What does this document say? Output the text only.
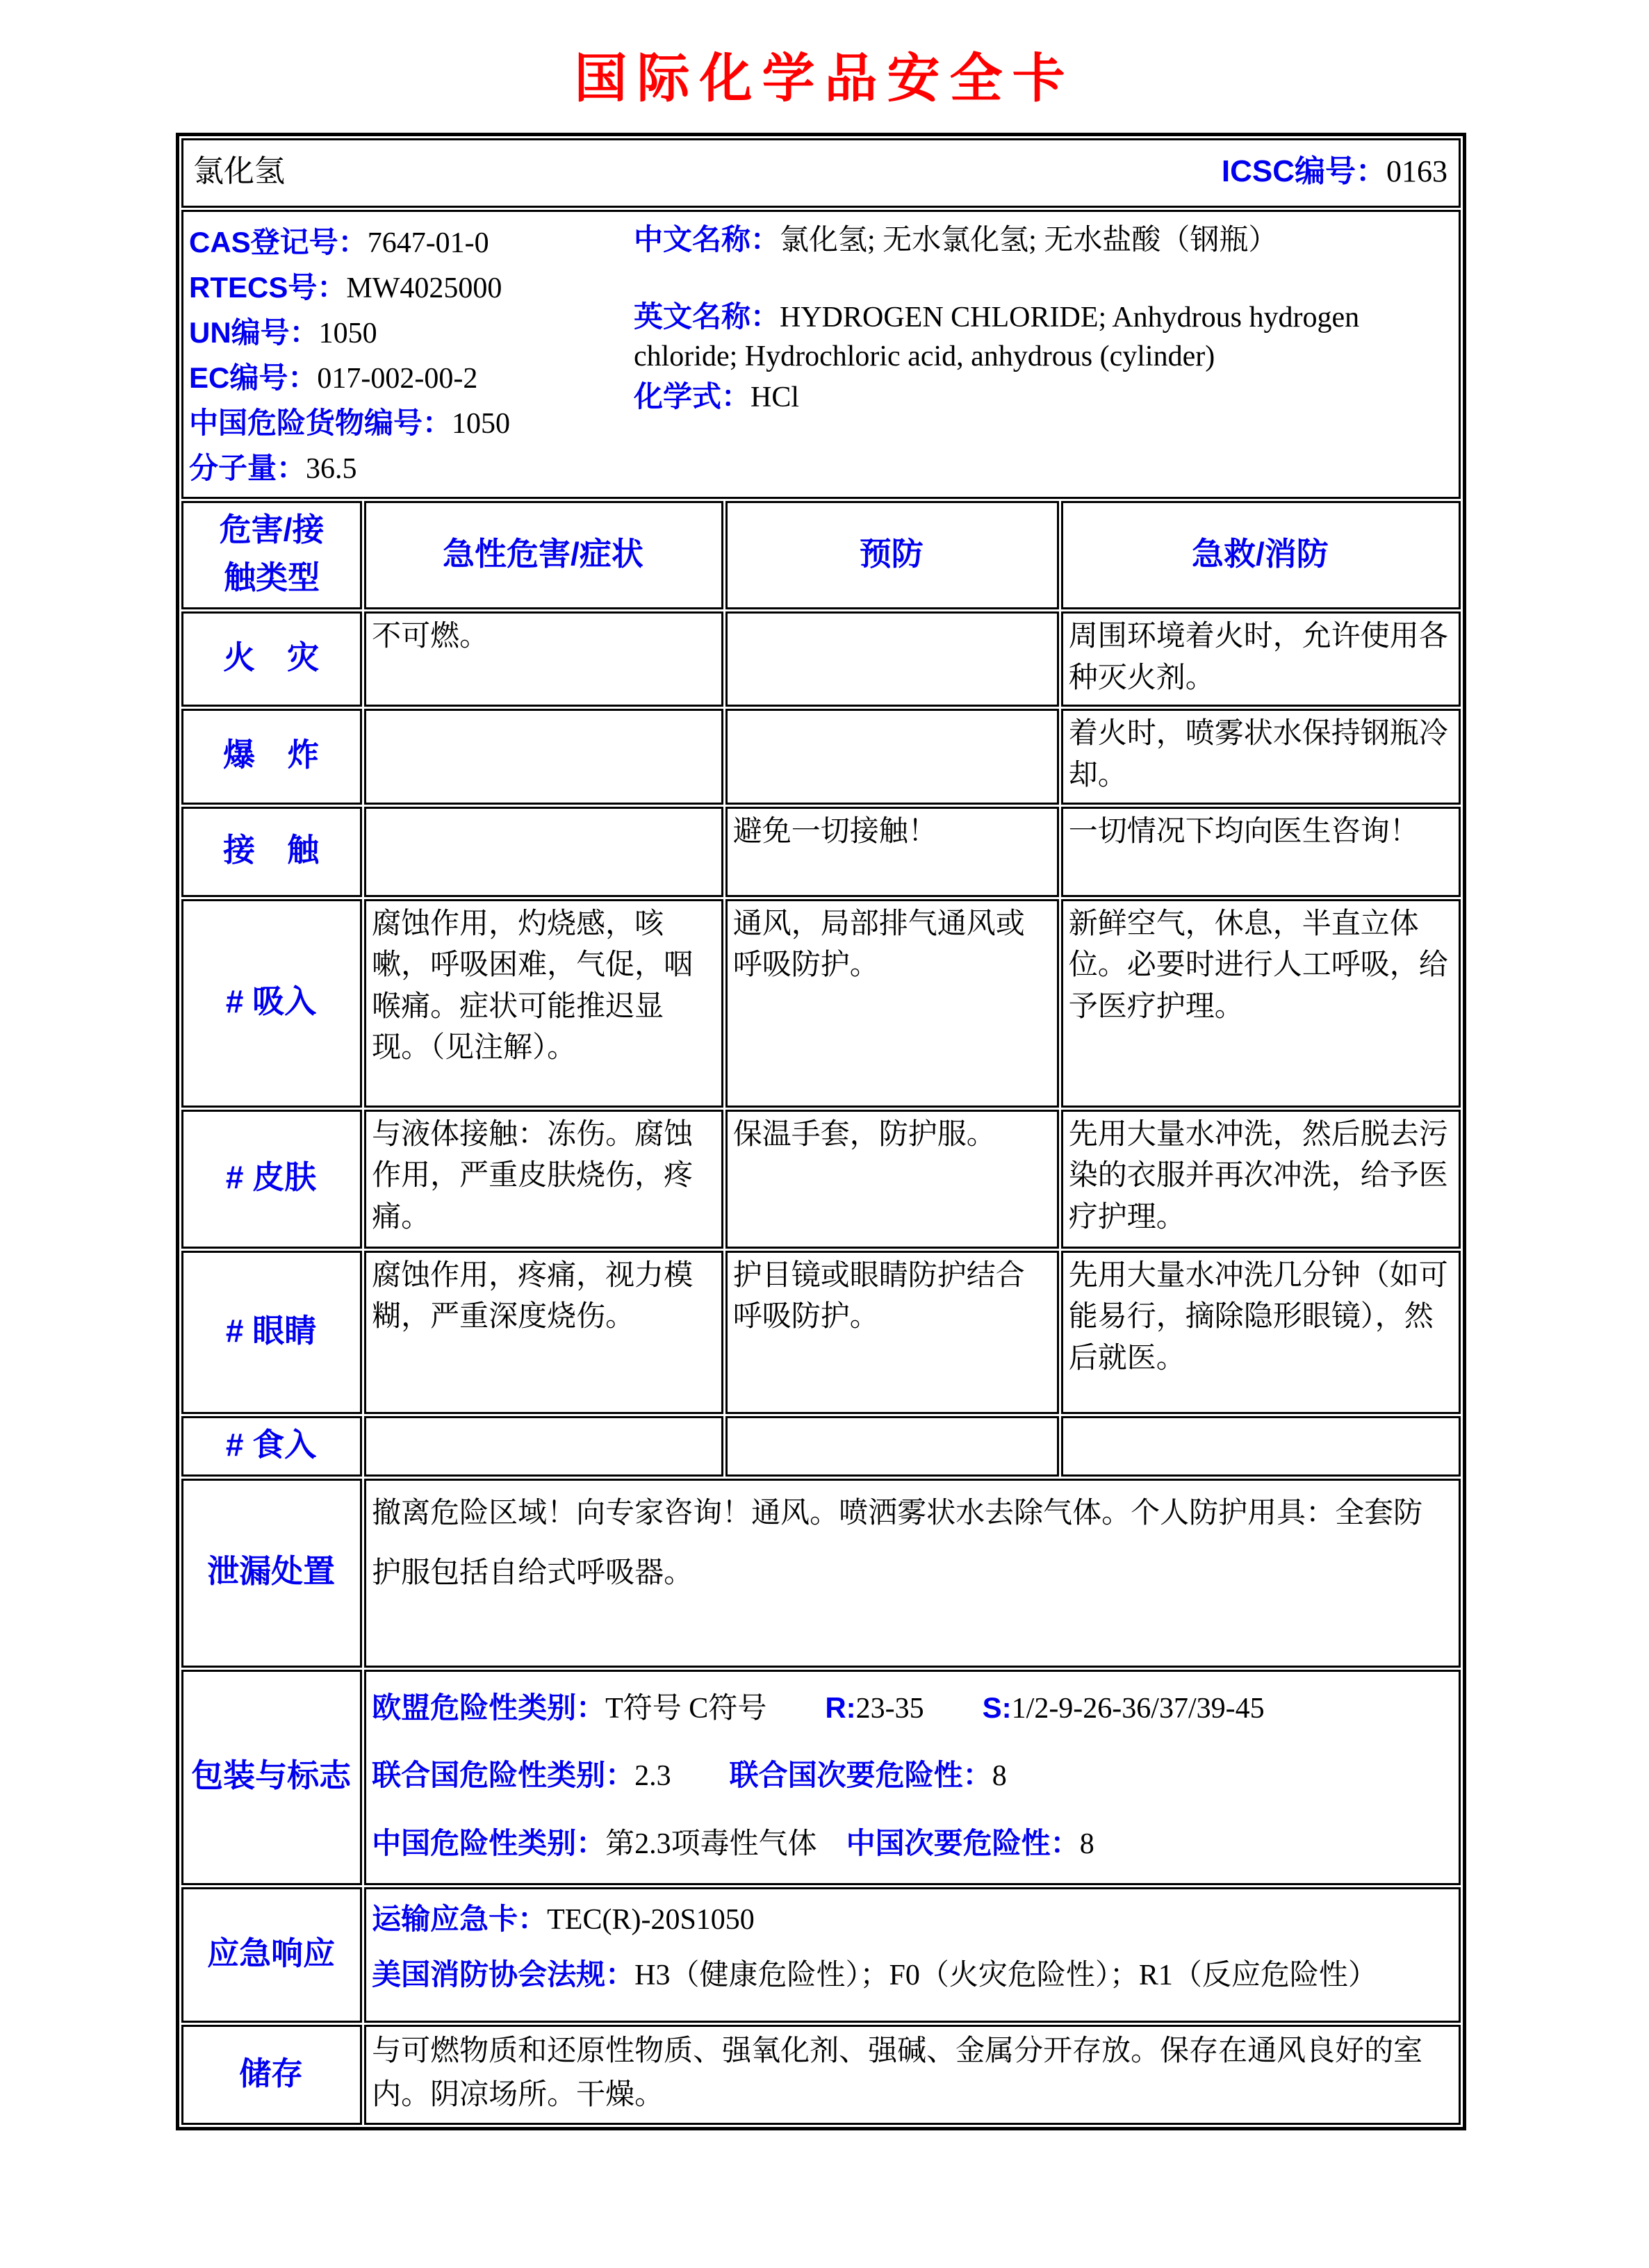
国际化学品安全卡
氯化氢 ICSC编号：0163			

CAS登记号：7647-01-0
RTECS号：MW4025000
UN编号：1050
EC编号：017-002-00-2
中国危险货物编号：1050
分子量：36.5

中文名称：氯化氢; 无水氯化氢; 无水盐酸（钢瓶）

英文名称：HYDROGEN CHLORIDE; Anhydrous hydrogen chloride; Hydrochloric acid, anhydrous (cylinder)

化学式：HCl

危害/接触类型	急性危害/症状	预防	急救/消防
火　灾	不可燃。		周围环境着火时，允许使用各种灭火剂。
爆　炸			着火时，喷雾状水保持钢瓶冷却。
接　触		避免一切接触！	一切情况下均向医生咨询！
# 吸入	腐蚀作用，灼烧感，咳嗽，呼吸困难，气促，咽喉痛。症状可能推迟显现。（见注解）。	通风，局部排气通风或呼吸防护。	新鲜空气，休息，半直立体位。必要时进行人工呼吸，给予医疗护理。
# 皮肤	与液体接触：冻伤。腐蚀作用，严重皮肤烧伤，疼痛。	保温手套，防护服。	先用大量水冲洗，然后脱去污染的衣服并再次冲洗，给予医疗护理。
# 眼睛	腐蚀作用，疼痛，视力模糊，严重深度烧伤。	护目镜或眼睛防护结合呼吸防护。	先用大量水冲洗几分钟（如可能易行，摘除隐形眼镜），然后就医。
# 食入			
泄漏处置	撤离危险区域！向专家咨询！通风。喷洒雾状水去除气体。个人防护用具：全套防护服包括自给式呼吸器。		
包装与标志	欧盟危险性类别：T符号 C符号　　R:23-35　　S:1/2-9-26-36/37/39-45
联合国危险性类别：2.3　　联合国次要危险性：8
中国危险性类别：第2.3项毒性气体　中国次要危险性：8		

应急响应	运输应急卡：TEC(R)-20S1050
美国消防协会法规：H3（健康危险性）；F0（火灾危险性）；R1（反应危险性）		

储存	与可燃物质和还原性物质、强氧化剂、强碱、金属分开存放。保存在通风良好的室内。阴凉场所。干燥。		
